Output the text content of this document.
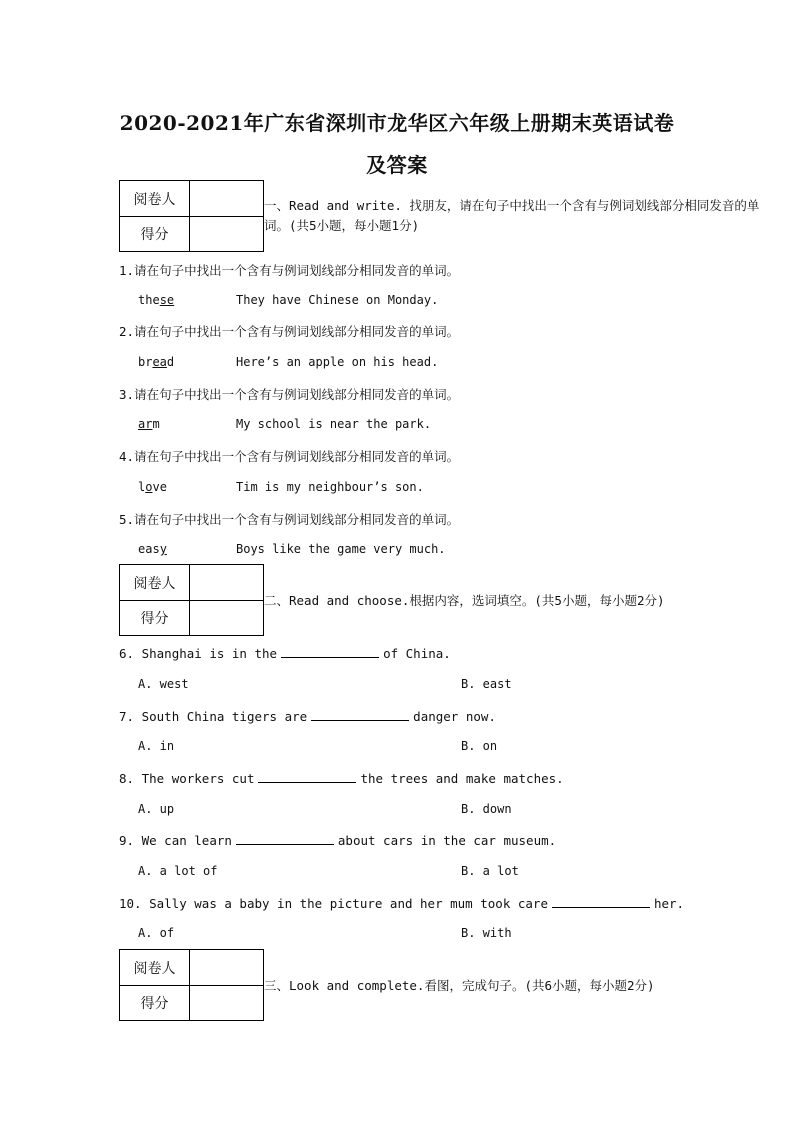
2020-2021年广东省深圳市龙华区六年级上册期末英语试卷
及答案
阅卷人
得分
一、Read and write. 找朋友，请在句子中找出一个含有与例词划线部分相同发音的单
词。(共5小题，每小题1分)
1.请在句子中找出一个含有与例词划线部分相同发音的单词。
these	They have Chinese on Monday.
2.请在句子中找出一个含有与例词划线部分相同发音的单词。
bread	Here’s an apple on his head.
3.请在句子中找出一个含有与例词划线部分相同发音的单词。
arm	My school is near the park.
4.请在句子中找出一个含有与例词划线部分相同发音的单词。
love	Tim is my neighbour’s son.
5.请在句子中找出一个含有与例词划线部分相同发音的单词。
easy	Boys like the game very much.
阅卷人
得分
二、Read and choose.根据内容，选词填空。(共5小题，每小题2分)
6. Shanghai is in the	of China.
A. west	B. east
7. South China tigers are	danger now.
A. in	B. on
8. The workers cut	the trees and make matches.
A. up	B. down
9. We can learn	about cars in the car museum.
A. a lot of	B. a lot
10. Sally was a baby in the picture and her mum took care	her.
A. of	B. with
阅卷人
得分
三、Look and complete.看图，完成句子。(共6小题，每小题2分)
